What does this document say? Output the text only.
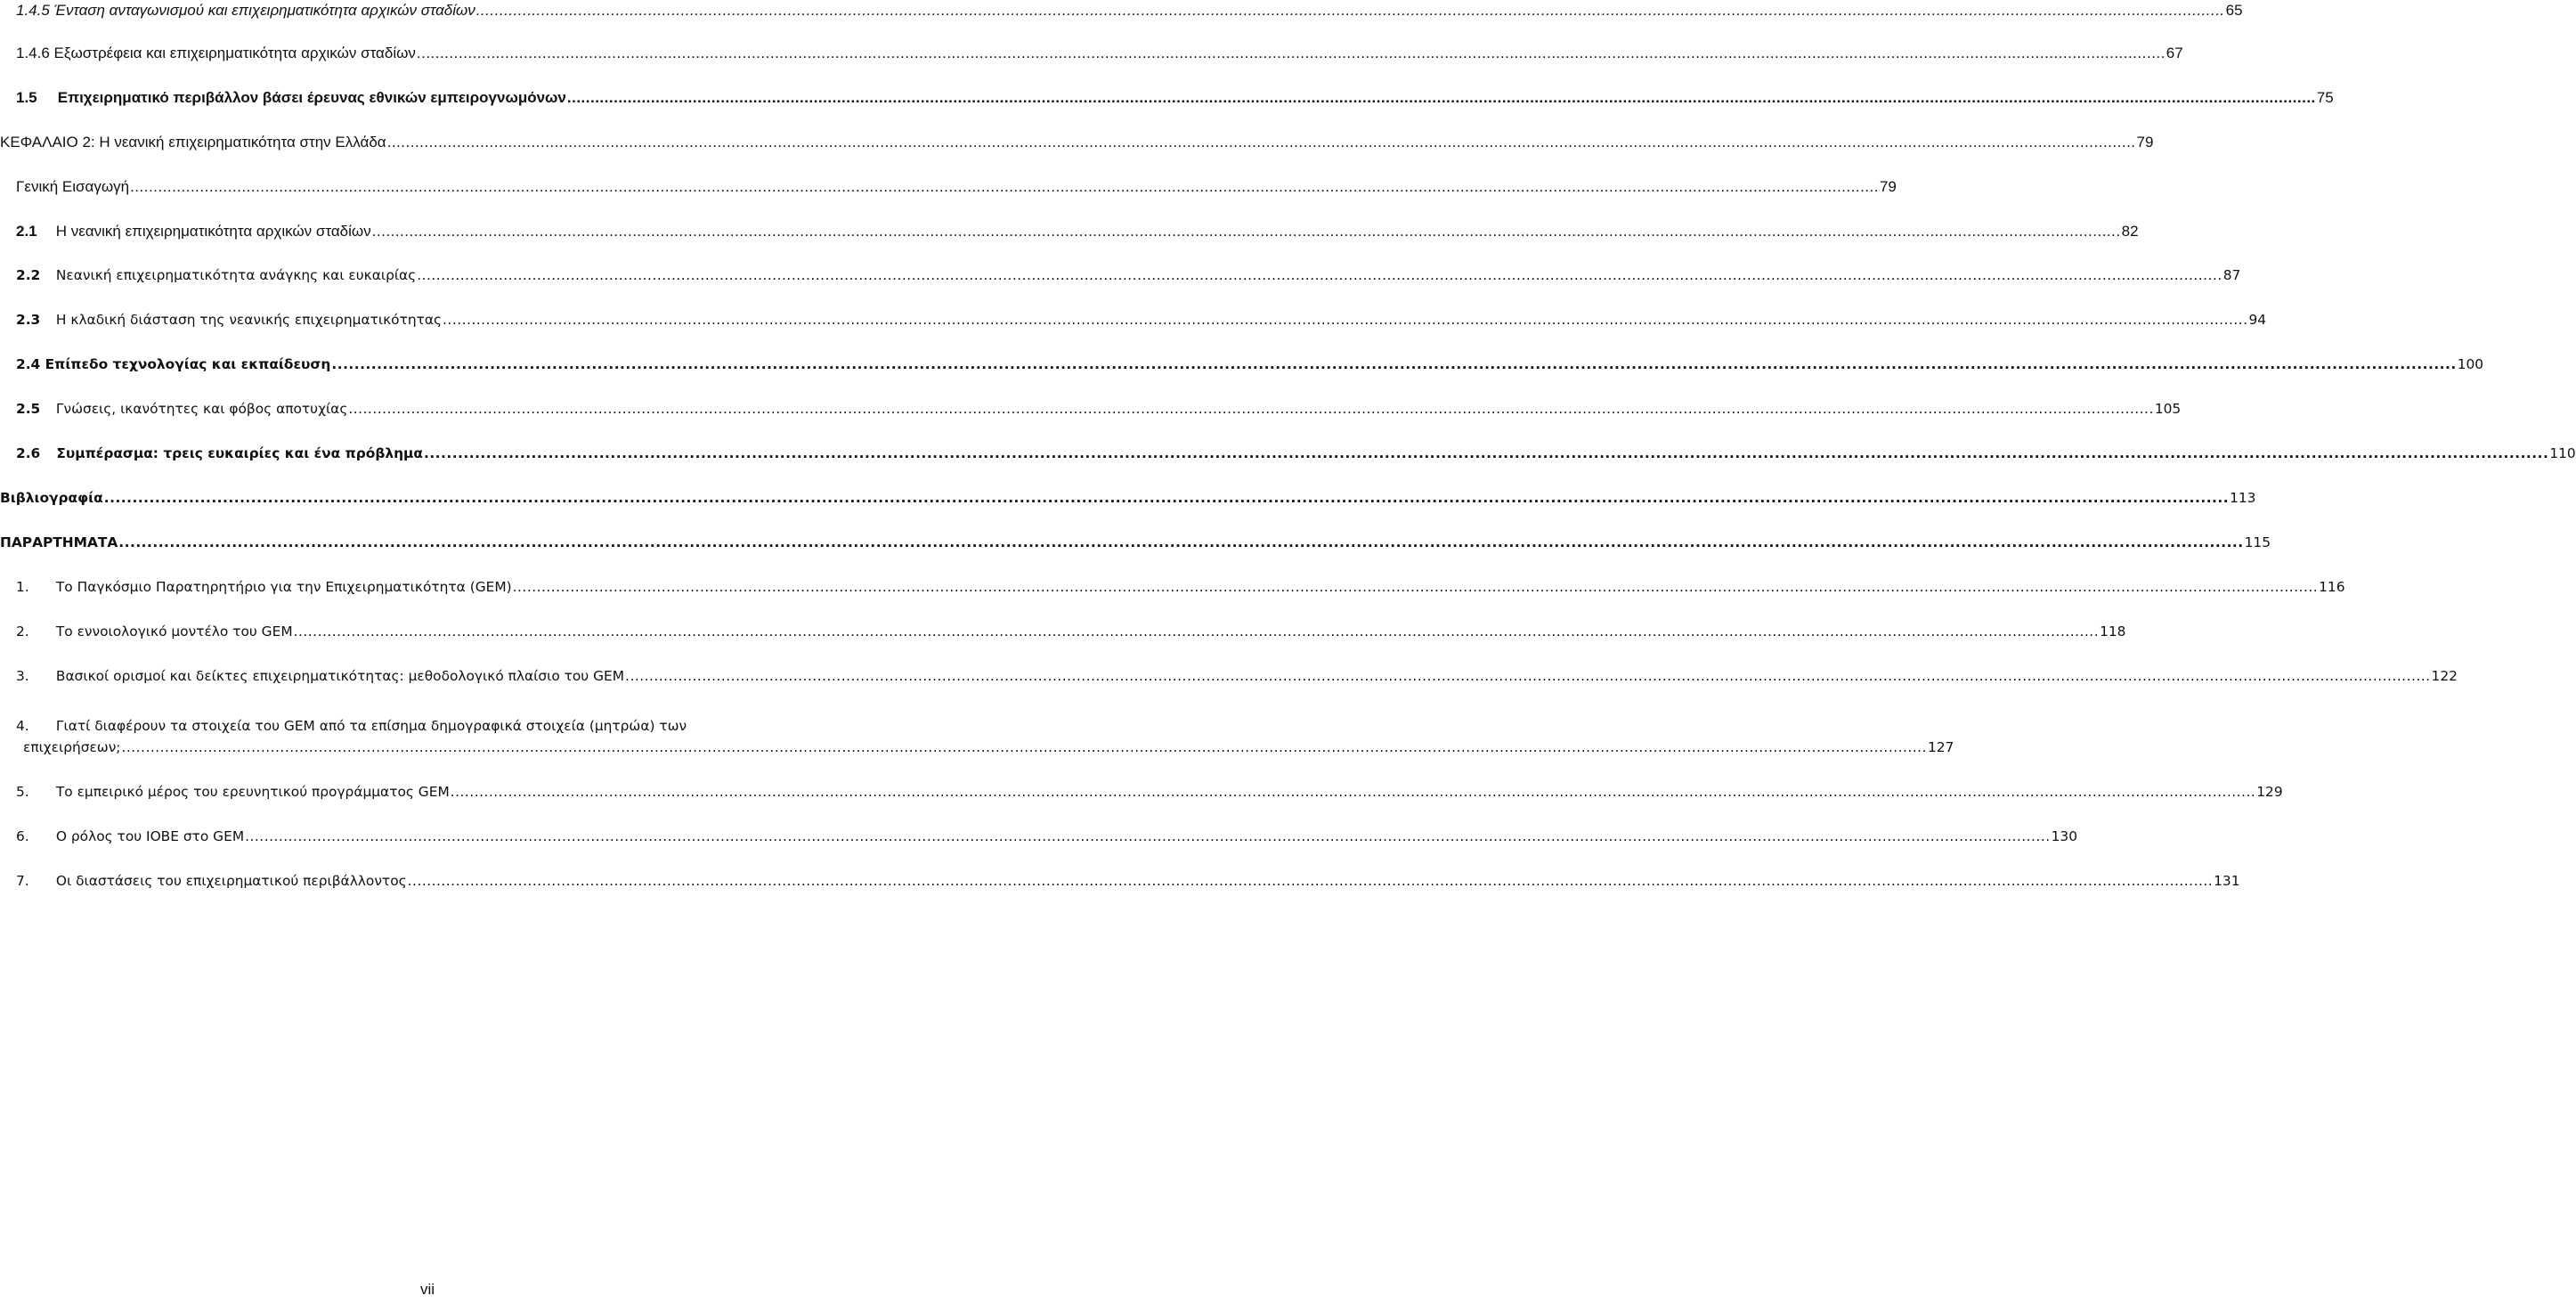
1.4.5 Ένταση ανταγωνισμού και επιχειρηματικότητα αρχικών σταδίων .....	65
1.4.6 Εξωστρέφεια και επιχειρηματικότητα αρχικών σταδίων .....	67
1.5 Επιχειρηματικό περιβάλλον βάσει έρευνας εθνικών εμπειρογνωμόνων .....	75
ΚΕΦΑΛΑΙΟ 2: Η νεανική επιχειρηματικότητα στην Ελλάδα .....	79
Γενική Εισαγωγή .....	79
2.1 Η νεανική επιχειρηματικότητα αρχικών σταδίων .....	82
2.2 Νεανική επιχειρηματικότητα ανάγκης και ευκαιρίας .....	87
2.3 Η κλαδική διάσταση της νεανικής επιχειρηματικότητας .....	94
2.4 Επίπεδο τεχνολογίας και εκπαίδευση .....	100
2.5 Γνώσεις, ικανότητες και φόβος αποτυχίας .....	105
2.6 Συμπέρασμα: τρεις ευκαιρίες και ένα πρόβλημα .....	110
Βιβλιογραφία .....	113
ΠΑΡΑΡΤΗΜΑΤΑ .....	115
1. Το Παγκόσμιο Παρατηρητήριο για την Επιχειρηματικότητα (GEM) .....	116
2. Το εννοιολογικό μοντέλο του GEM .....	118
3. Βασικοί ορισμοί και δείκτες επιχειρηματικότητας: μεθοδολογικό πλαίσιο του GEM .....	122
4. Γιατί διαφέρουν τα στοιχεία του GEM από τα επίσημα δημογραφικά στοιχεία (μητρώα) των
επιχειρήσεων; .....	127
5. Το εμπειρικό μέρος του ερευνητικού προγράμματος GEM .....	129
6. Ο ρόλος του ΙΟΒΕ στο GEM .....	130
7. Οι διαστάσεις του επιχειρηματικού περιβάλλοντος .....	131
vii
